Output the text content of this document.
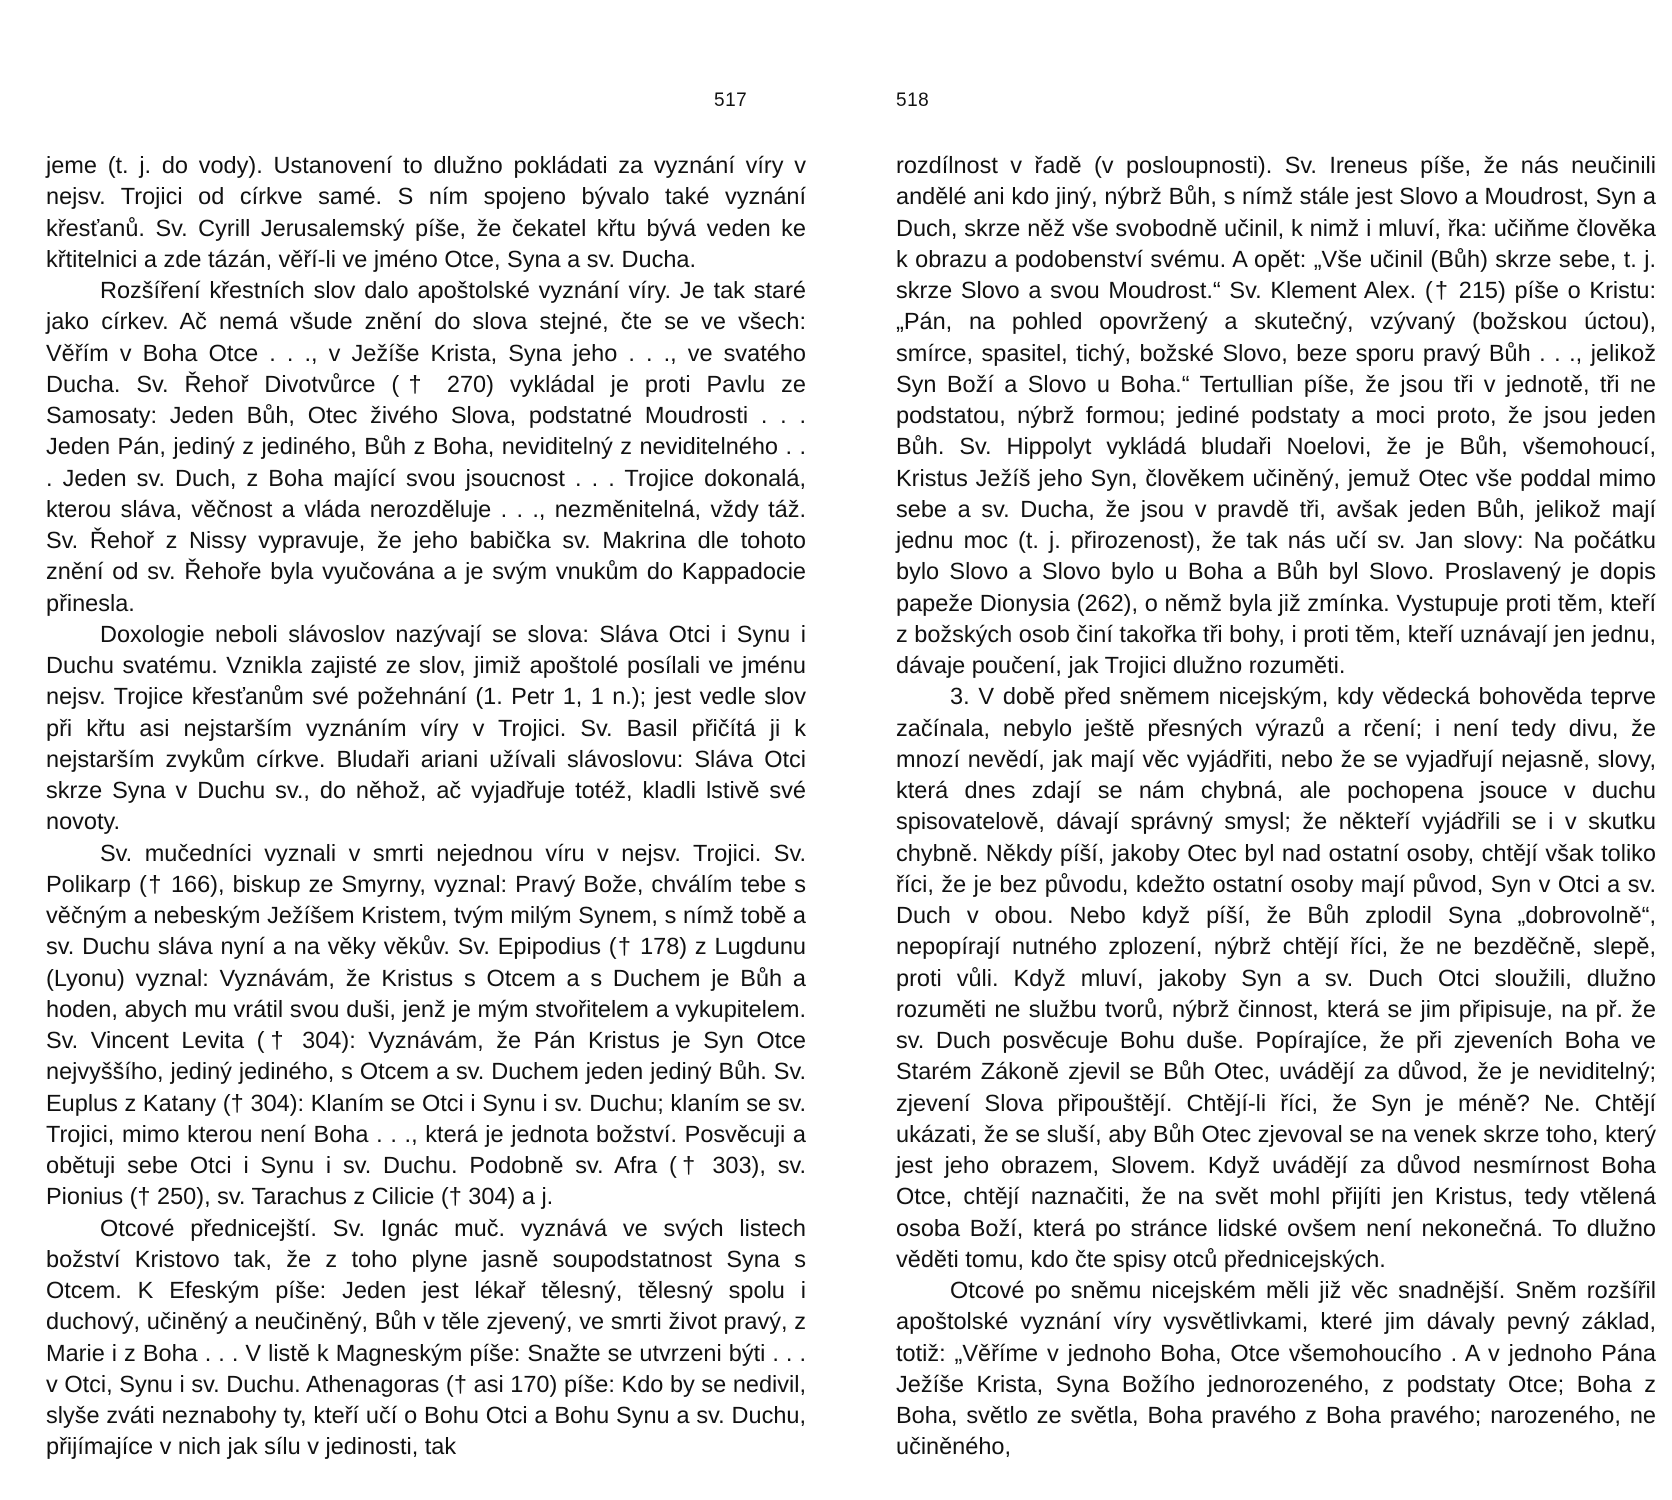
517	518

jeme (t. j. do vody). Ustanovení to dlužno pokládati za vyznání víry v nejsv. Trojici od církve samé. S ním spojeno bývalo také vyznání křesťanů. Sv. Cyrill Jerusalemský píše, že čekatel křtu bývá veden ke křtitelnici a zde tázán, věří-li ve jméno Otce, Syna a sv. Ducha.

Rozšíření křestních slov dalo apoštolské vyznání víry. Je tak staré jako církev. Ač nemá všude znění do slova stejné, čte se ve všech: Věřím v Boha Otce . . ., v Ježíše Krista, Syna jeho . . ., ve svatého Ducha. Sv. Řehoř Divotvůrce († 270) vykládal je proti Pavlu ze Samosaty: Jeden Bůh, Otec živého Slova, podstatné Moudrosti . . . Jeden Pán, jediný z jediného, Bůh z Boha, neviditelný z neviditelného . . . Jeden sv. Duch, z Boha mající svou jsoucnost . . . Trojice dokonalá, kterou sláva, věčnost a vláda nerozděluje . . ., nezměnitelná, vždy táž. Sv. Řehoř z Nissy vypravuje, že jeho babička sv. Makrina dle tohoto znění od sv. Řehoře byla vyučována a je svým vnukům do Kappadocie přinesla.

Doxologie neboli slávoslov nazývají se slova: Sláva Otci i Synu i Duchu svatému. Vznikla zajisté ze slov, jimiž apoštolé posílali ve jménu nejsv. Trojice křesťanům své požehnání (1. Petr 1, 1 n.); jest vedle slov při křtu asi nejstarším vyznáním víry v Trojici. Sv. Basil přičítá ji k nejstarším zvykům církve. Bludaři ariani užívali slávoslovu: Sláva Otci skrze Syna v Duchu sv., do něhož, ač vyjadřuje totéž, kladli lstivě své novoty.

Sv. mučedníci vyznali v smrti nejednou víru v nejsv. Trojici. Sv. Polikarp († 166), biskup ze Smyrny, vyznal: Pravý Bože, chválím tebe s věčným a nebeským Ježíšem Kristem, tvým milým Synem, s nímž tobě a sv. Duchu sláva nyní a na věky věkův. Sv. Epipodius († 178) z Lugdunu (Lyonu) vyznal: Vyznávám, že Kristus s Otcem a s Duchem je Bůh a hoden, abych mu vrátil svou duši, jenž je mým stvořitelem a vykupitelem. Sv. Vincent Levita († 304): Vyznávám, že Pán Kristus je Syn Otce nejvyššího, jediný jediného, s Otcem a sv. Duchem jeden jediný Bůh. Sv. Euplus z Katany († 304): Klaním se Otci i Synu i sv. Duchu; klaním se sv. Trojici, mimo kterou není Boha . . ., která je jednota božství. Posvěcuji a obětuji sebe Otci i Synu i sv. Duchu. Podobně sv. Afra († 303), sv. Pionius († 250), sv. Tarachus z Cilicie († 304) a j.

Otcové přednicejští. Sv. Ignác muč. vyznává ve svých listech božství Kristovo tak, že z toho plyne jasně soupodstatnost Syna s Otcem. K Efeským píše: Jeden jest lékař tělesný, tělesný spolu i duchový, učiněný a neučiněný, Bůh v těle zjevený, ve smrti život pravý, z Marie i z Boha . . . V listě k Magneským píše: Snažte se utvrzeni býti . . . v Otci, Synu i sv. Duchu. Athenagoras († asi 170) píše: Kdo by se nedivil, slyše zváti neznabohy ty, kteří učí o Bohu Otci a Bohu Synu a sv. Duchu, přijímajíce v nich jak sílu v jedinosti, tak

rozdílnost v řadě (v posloupnosti). Sv. Ireneus píše, že nás neučinili andělé ani kdo jiný, nýbrž Bůh, s nímž stále jest Slovo a Moudrost, Syn a Duch, skrze něž vše svobodně učinil, k nimž i mluví, řka: učiňme člověka k obrazu a podobenství svému. A opět: „Vše učinil (Bůh) skrze sebe, t. j. skrze Slovo a svou Moudrost.“ Sv. Klement Alex. († 215) píše o Kristu: „Pán, na pohled opovržený a skutečný, vzývaný (božskou úctou), smírce, spasitel, tichý, božské Slovo, beze sporu pravý Bůh . . ., jelikož Syn Boží a Slovo u Boha.“ Tertullian píše, že jsou tři v jednotě, tři ne podstatou, nýbrž formou; jediné podstaty a moci proto, že jsou jeden Bůh. Sv. Hippolyt vykládá bludaři Noelovi, že je Bůh, všemohoucí, Kristus Ježíš jeho Syn, člověkem učiněný, jemuž Otec vše poddal mimo sebe a sv. Ducha, že jsou v pravdě tři, avšak jeden Bůh, jelikož mají jednu moc (t. j. přirozenost), že tak nás učí sv. Jan slovy: Na počátku bylo Slovo a Slovo bylo u Boha a Bůh byl Slovo. Proslavený je dopis papeže Dionysia (262), o němž byla již zmínka. Vystupuje proti těm, kteří z božských osob činí takořka tři bohy, i proti těm, kteří uznávají jen jednu, dávaje poučení, jak Trojici dlužno rozuměti.

3. V době před sněmem nicejským, kdy vědecká bohověda teprve začínala, nebylo ještě přesných výrazů a rčení; i není tedy divu, že mnozí nevědí, jak mají věc vyjádřiti, nebo že se vyjadřují nejasně, slovy, která dnes zdají se nám chybná, ale pochopena jsouce v duchu spisovatelově, dávají správný smysl; že někteří vyjádřili se i v skutku chybně. Někdy píší, jakoby Otec byl nad ostatní osoby, chtějí však toliko říci, že je bez původu, kdežto ostatní osoby mají původ, Syn v Otci a sv. Duch v obou. Nebo když píší, že Bůh zplodil Syna „dobrovolně“, nepopírají nutného zplození, nýbrž chtějí říci, že ne bezděčně, slepě, proti vůli. Když mluví, jakoby Syn a sv. Duch Otci sloužili, dlužno rozuměti ne službu tvorů, nýbrž činnost, která se jim připisuje, na př. že sv. Duch posvěcuje Bohu duše. Popírajíce, že při zjeveních Boha ve Starém Zákoně zjevil se Bůh Otec, uvádějí za důvod, že je neviditelný; zjevení Slova připouštějí. Chtějí-li říci, že Syn je méně? Ne. Chtějí ukázati, že se sluší, aby Bůh Otec zjevoval se na venek skrze toho, který jest jeho obrazem, Slovem. Když uvádějí za důvod nesmírnost Boha Otce, chtějí naznačiti, že na svět mohl přijíti jen Kristus, tedy vtělená osoba Boží, která po stránce lidské ovšem není nekonečná. To dlužno věděti tomu, kdo čte spisy otců přednicejských.

Otcové po sněmu nicejském měli již věc snadnější. Sněm rozšířil apoštolské vyznání víry vysvětlivkami, které jim dávaly pevný základ, totiž: „Věříme v jednoho Boha, Otce všemohoucího . A v jednoho Pána Ježíše Krista, Syna Božího jednorozeného, z podstaty Otce; Boha z Boha, světlo ze světla, Boha pravého z Boha pravého; narozeného, ne učiněného,
